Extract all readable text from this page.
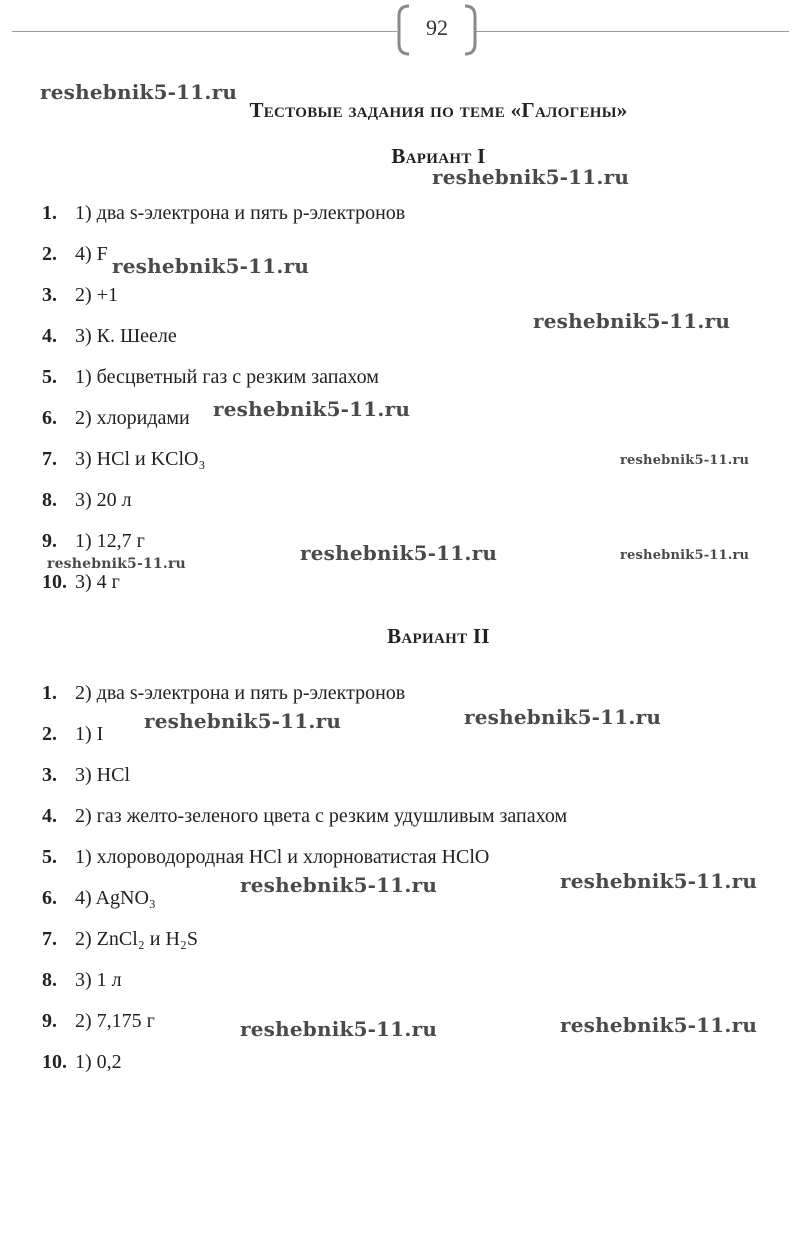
92
Тестовые задания по теме «Галогены»
Вариант I
1. 1) два s-электрона и пять p-электронов
2. 4) F
3. 2) +1
4. 3) К. Шееле
5. 1) бесцветный газ с резким запахом
6. 2) хлоридами
7. 3) HCl и KClO₃
8. 3) 20 л
9. 1) 12,7 г
10. 3) 4 г
Вариант II
1. 2) два s-электрона и пять p-электронов
2. 1) I
3. 3) HCl
4. 2) газ желто-зеленого цвета с резким удушливым запахом
5. 1) хлороводородная HCl и хлорноватистая HClO
6. 4) AgNO₃
7. 2) ZnCl₂ и H₂S
8. 3) 1 л
9. 2) 7,175 г
10. 1) 0,2
reshebnik5-11.ru
reshebnik5-11.ru
reshebnik5-11.ru
reshebnik5-11.ru
reshebnik5-11.ru
reshebnik5-11.ru
reshebnik5-11.ru	reshebnik5-11.ru
reshebnik5-11.ru
reshebnik5-11.ru	reshebnik5-11.ru
reshebnik5-11.ru	reshebnik5-11.ru
reshebnik5-11.ru	reshebnik5-11.ru
